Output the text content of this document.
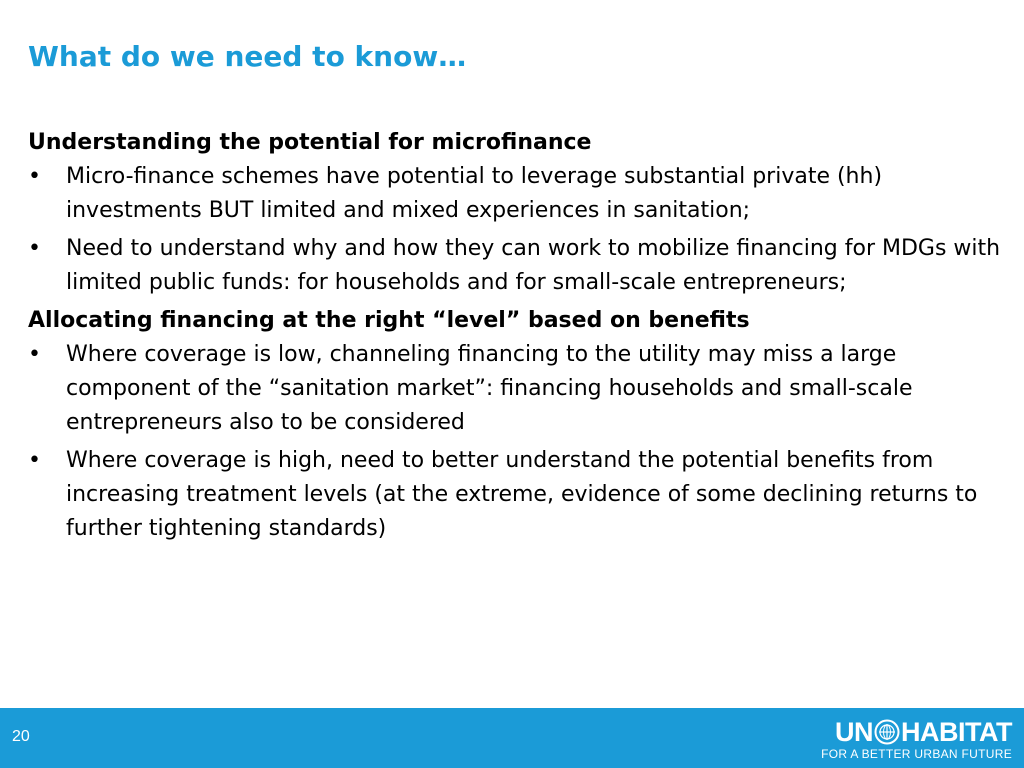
What do we need to know…

Understanding the potential for microfinance

•	Micro-finance schemes have potential to leverage substantial private (hh) investments BUT limited and mixed experiences in sanitation;
•	Need to understand why and how they can work to mobilize financing for MDGs with limited public funds: for households and for small-scale entrepreneurs;

Allocating financing at the right “level” based on benefits

•	Where coverage is low, channeling financing to the utility may miss a large component of the “sanitation market”: financing households and small-scale entrepreneurs also to be considered
•	Where coverage is high, need to better understand the potential benefits from increasing treatment levels (at the extreme, evidence of some declining returns to further tightening standards)
20	UN HABITAT
FOR A BETTER URBAN FUTURE
